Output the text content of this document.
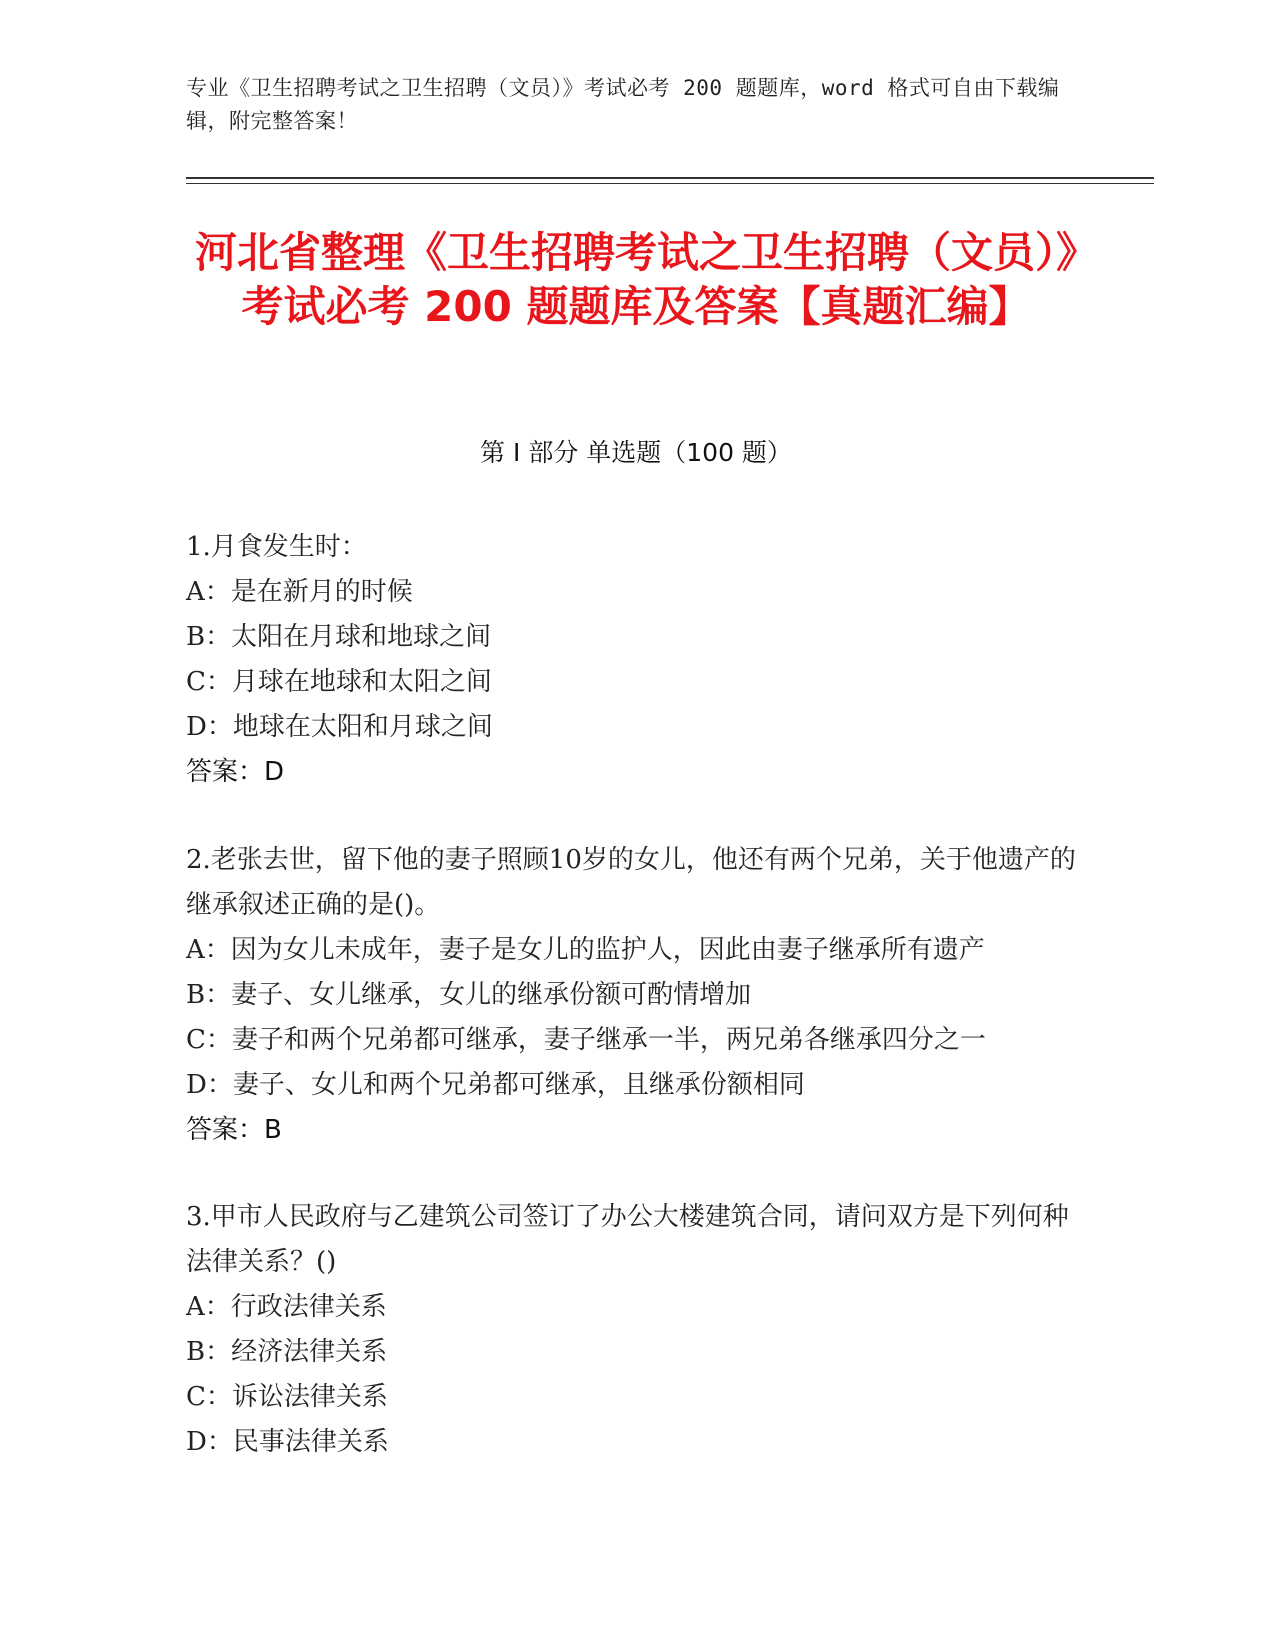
专业《卫生招聘考试之卫生招聘（文员）》考试必考 200 题题库，word 格式可自由下载编辑，附完整答案！
河北省整理《卫生招聘考试之卫生招聘（文员）》考试必考 200 题题库及答案【真题汇编】
第 I 部分 单选题（100 题）

1.月食发生时：

A：是在新月的时候

B：太阳在月球和地球之间

C：月球在地球和太阳之间

D：地球在太阳和月球之间

答案：D

2.老张去世，留下他的妻子照顾10岁的女儿，他还有两个兄弟，关于他遗产的继承叙述正确的是()。

A：因为女儿未成年，妻子是女儿的监护人，因此由妻子继承所有遗产

B：妻子、女儿继承，女儿的继承份额可酌情增加

C：妻子和两个兄弟都可继承，妻子继承一半，两兄弟各继承四分之一

D：妻子、女儿和两个兄弟都可继承，且继承份额相同

答案：B

3.甲市人民政府与乙建筑公司签订了办公大楼建筑合同，请问双方是下列何种法律关系？()

A：行政法律关系

B：经济法律关系

C：诉讼法律关系

D：民事法律关系
